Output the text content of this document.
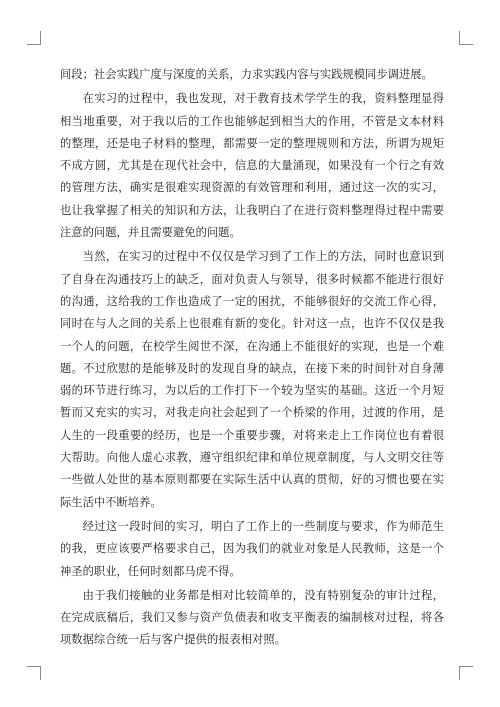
间段；社会实践广度与深度的关系，力求实践内容与实践规模同步调进展。

在实习的过程中，我也发现，对于教育技术学学生的我，资料整理显得相当地重要，对于我以后的工作也能够起到相当大的作用，不管是文本材料的整理，还是电子材料的整理，都需要一定的整理规则和方法，所谓为规矩不成方圆，尤其是在现代社会中，信息的大量涌现，如果没有一个行之有效的管理方法，确实是很难实现资源的有效管理和利用，通过这一次的实习，也让我掌握了相关的知识和方法，让我明白了在进行资料整理得过程中需要注意的问题，并且需要避免的问题。

当然，在实习的过程中不仅仅是学习到了工作上的方法，同时也意识到了自身在沟通技巧上的缺乏，面对负责人与领导，很多时候都不能进行很好的沟通，这给我的工作也造成了一定的困扰，不能够很好的交流工作心得，同时在与人之间的关系上也很难有新的变化。针对这一点，也许不仅仅是我一个人的问题，在校学生阅世不深，在沟通上不能很好的实现，也是一个难题。不过欣慰的是能够及时的发现自身的缺点，在接下来的时间针对自身薄弱的环节进行练习，为以后的工作打下一个较为坚实的基础。这近一个月短暂而又充实的实习，对我走向社会起到了一个桥梁的作用，过渡的作用，是人生的一段重要的经历，也是一个重要步骤，对将来走上工作岗位也有着很大帮助。向他人虚心求教，遵守组织纪律和单位规章制度，与人文明交往等一些做人处世的基本原则都要在实际生活中认真的贯彻，好的习惯也要在实际生活中不断培养。

经过这一段时间的实习，明白了工作上的一些制度与要求，作为师范生的我，更应该要严格要求自己，因为我们的就业对象是人民教师，这是一个神圣的职业，任何时刻都马虎不得。

由于我们接触的业务都是相对比较简单的，没有特别复杂的审计过程，在完成底稿后，我们又参与资产负债表和收支平衡表的编制核对过程，将各项数据综合统一后与客户提供的报表相对照。
